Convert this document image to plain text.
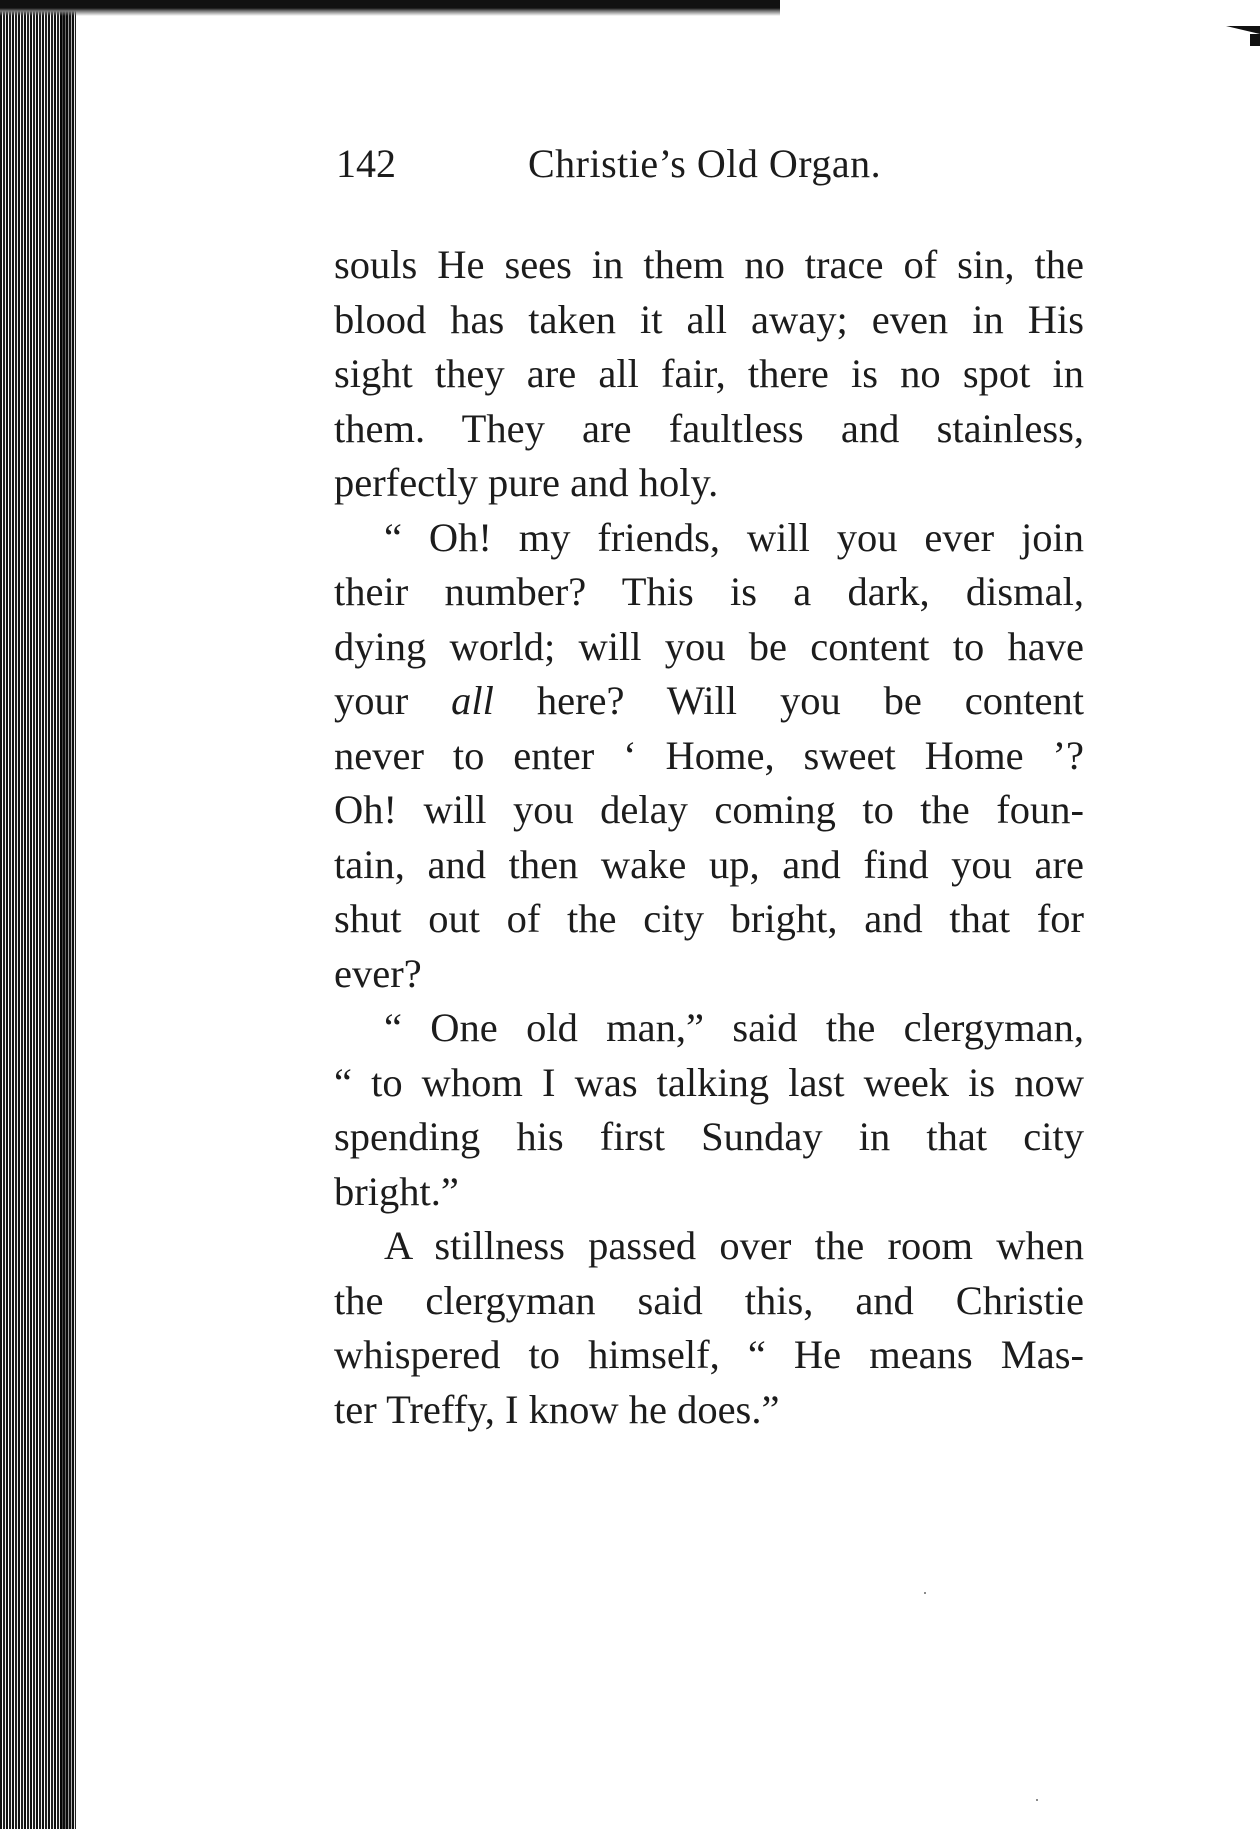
142	Christie’s Old Organ.
souls He sees in them no trace of sin, the
blood has taken it all away; even in His
sight they are all fair, there is no spot in
them. They are faultless and stainless,
perfectly pure and holy.
“ Oh! my friends, will you ever join
their number? This is a dark, dismal,
dying world; will you be content to have
your all here? Will you be content
never to enter ‘ Home, sweet Home ’?
Oh! will you delay coming to the foun-
tain, and then wake up, and find you are
shut out of the city bright, and that for
ever?
“ One old man,” said the clergyman,
“ to whom I was talking last week is now
spending his first Sunday in that city
bright.”
A stillness passed over the room when
the clergyman said this, and Christie
whispered to himself, “ He means Mas-
ter Treffy, I know he does.”
